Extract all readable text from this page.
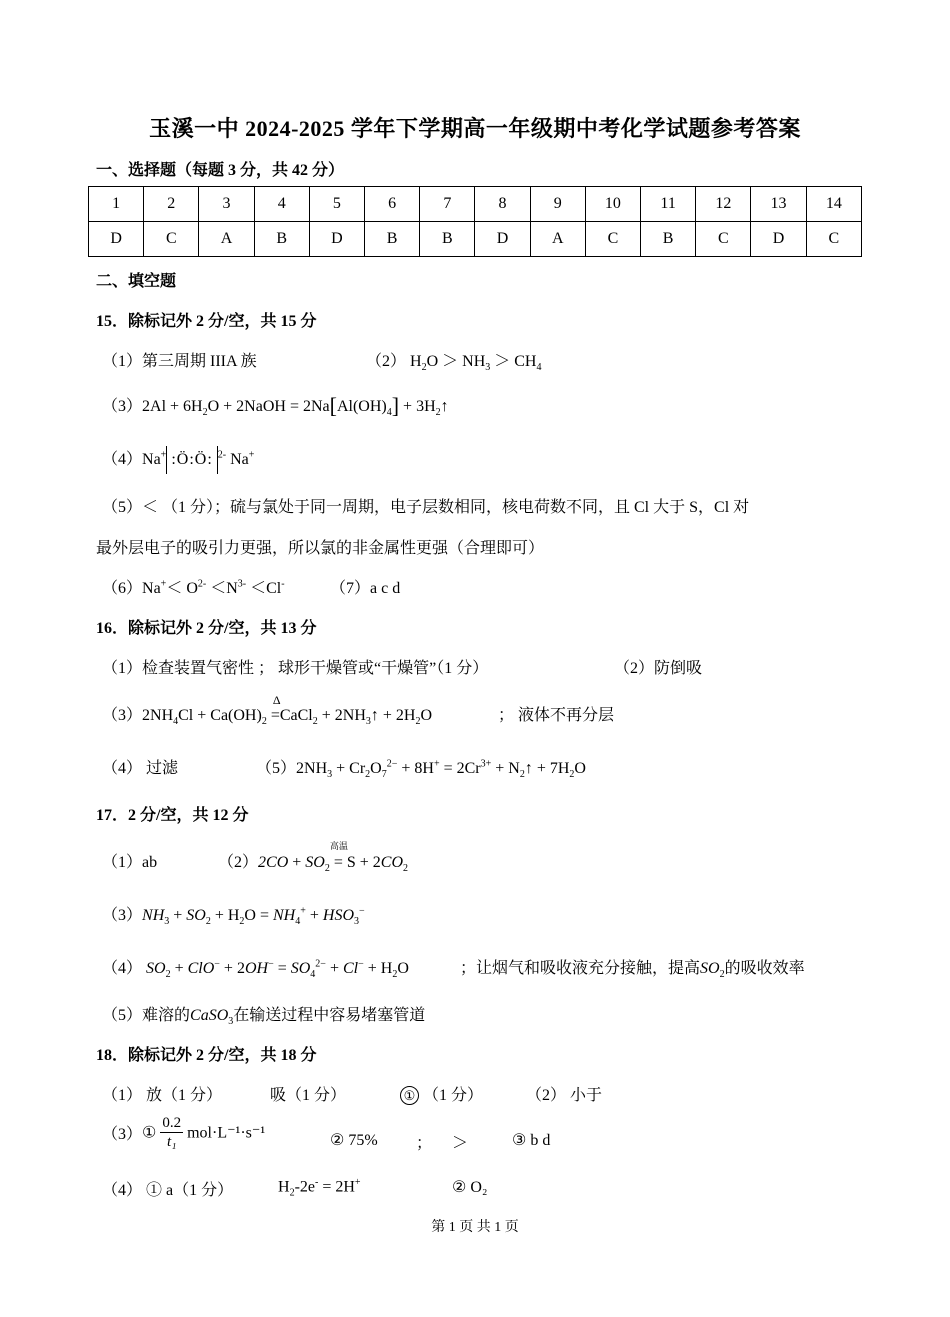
玉溪一中 2024-2025 学年下学期高一年级期中考化学试题参考答案
一、选择题（每题 3 分，共 42 分）
1	2	3	4	5	6	7	8	9	10	11	12	13	14
D	C	A	B	D	B	B	D	A	C	B	C	D	C
二、填空题
15．除标记外 2 分/空，共 15 分
（1）第三周期 IIIA 族	（2） $H_2O > NH_3 > CH_4$
$(3)2Al + 6H_2O$ + 2NaOH = $2Na[Al(OH)_4]$ + $3H_2↑$
（4）Na+ :Ö:Ö: $^{2-}$ Na+
（5）＜ （1 分）；硫与氯处于同一周期，电子层数相同，核电荷数不同，且 Cl 大于 S，Cl 对
最外层电子的吸引力更强，所以氯的非金属性更强（合理即可）
$(6)Na^+< O^{2-} <N^{3-} <Cl^-$	（7）a c d
16．除标记外 2 分/空，共 13 分
（1）检查装置气密性 ； 球形干燥管或“干燥管”（1 分）	（2）防倒吸
$(3)2NH_4Cl + Ca(OH)_2$
Δ
=CaCl$_2$ + $2NH_3↑ + 2H_2O$	； 液体不再分层
（4） 过滤	$(5)2NH_3 + Cr_2O_7^{2-} + 8H^+ = 2Cr^{3+}$ + $N_2↑ + 7H_2O$
17．2 分/空，共 12 分
（1）ab	$(2)2CO + SO_2$
高温
= $S + 2CO_2$
$(3)NH_3 + SO_2 + H_2O = NH_4^+ + HSO_3^-$
（4） $SO_2 + ClO^- + 2OH^- = SO_4^{2-} + Cl^- + H_2O$	；让烟气和吸收液充分接触，提高$SO_2$的吸收效率
（5）难溶的CaSO$_3$在输送过程中容易堵塞管道
18．除标记外 2 分/空，共 18 分
（1） 放（1 分）	吸（1 分）	① （1 分）	（2） 小于
（3）① $\frac{0.2}{\text{t₁}} mol\cdot L^{-1}\cdot s^{-1}$	② 75% ； ＞	③ b d
（4） ① a（1 分）	$H_2-2e^- = 2H^+$	② O₂
第 1 页 共 1 页
